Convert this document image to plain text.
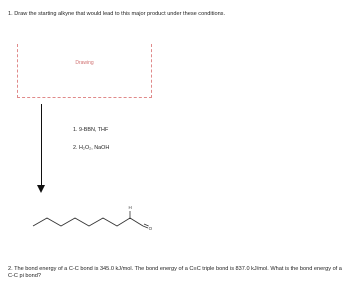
1. Draw the starting alkyne that would lead to this major product under these conditions.
Drawing
1. 9-BBN, THF
2. H₂O₂, NaOH
H
O
2. The bond energy of a C-C bond is 345.0 kJ/mol. The bond energy of a C≡C triple bond is 837.0 kJ/mol. What is the bond energy of a C-C pi bond?
